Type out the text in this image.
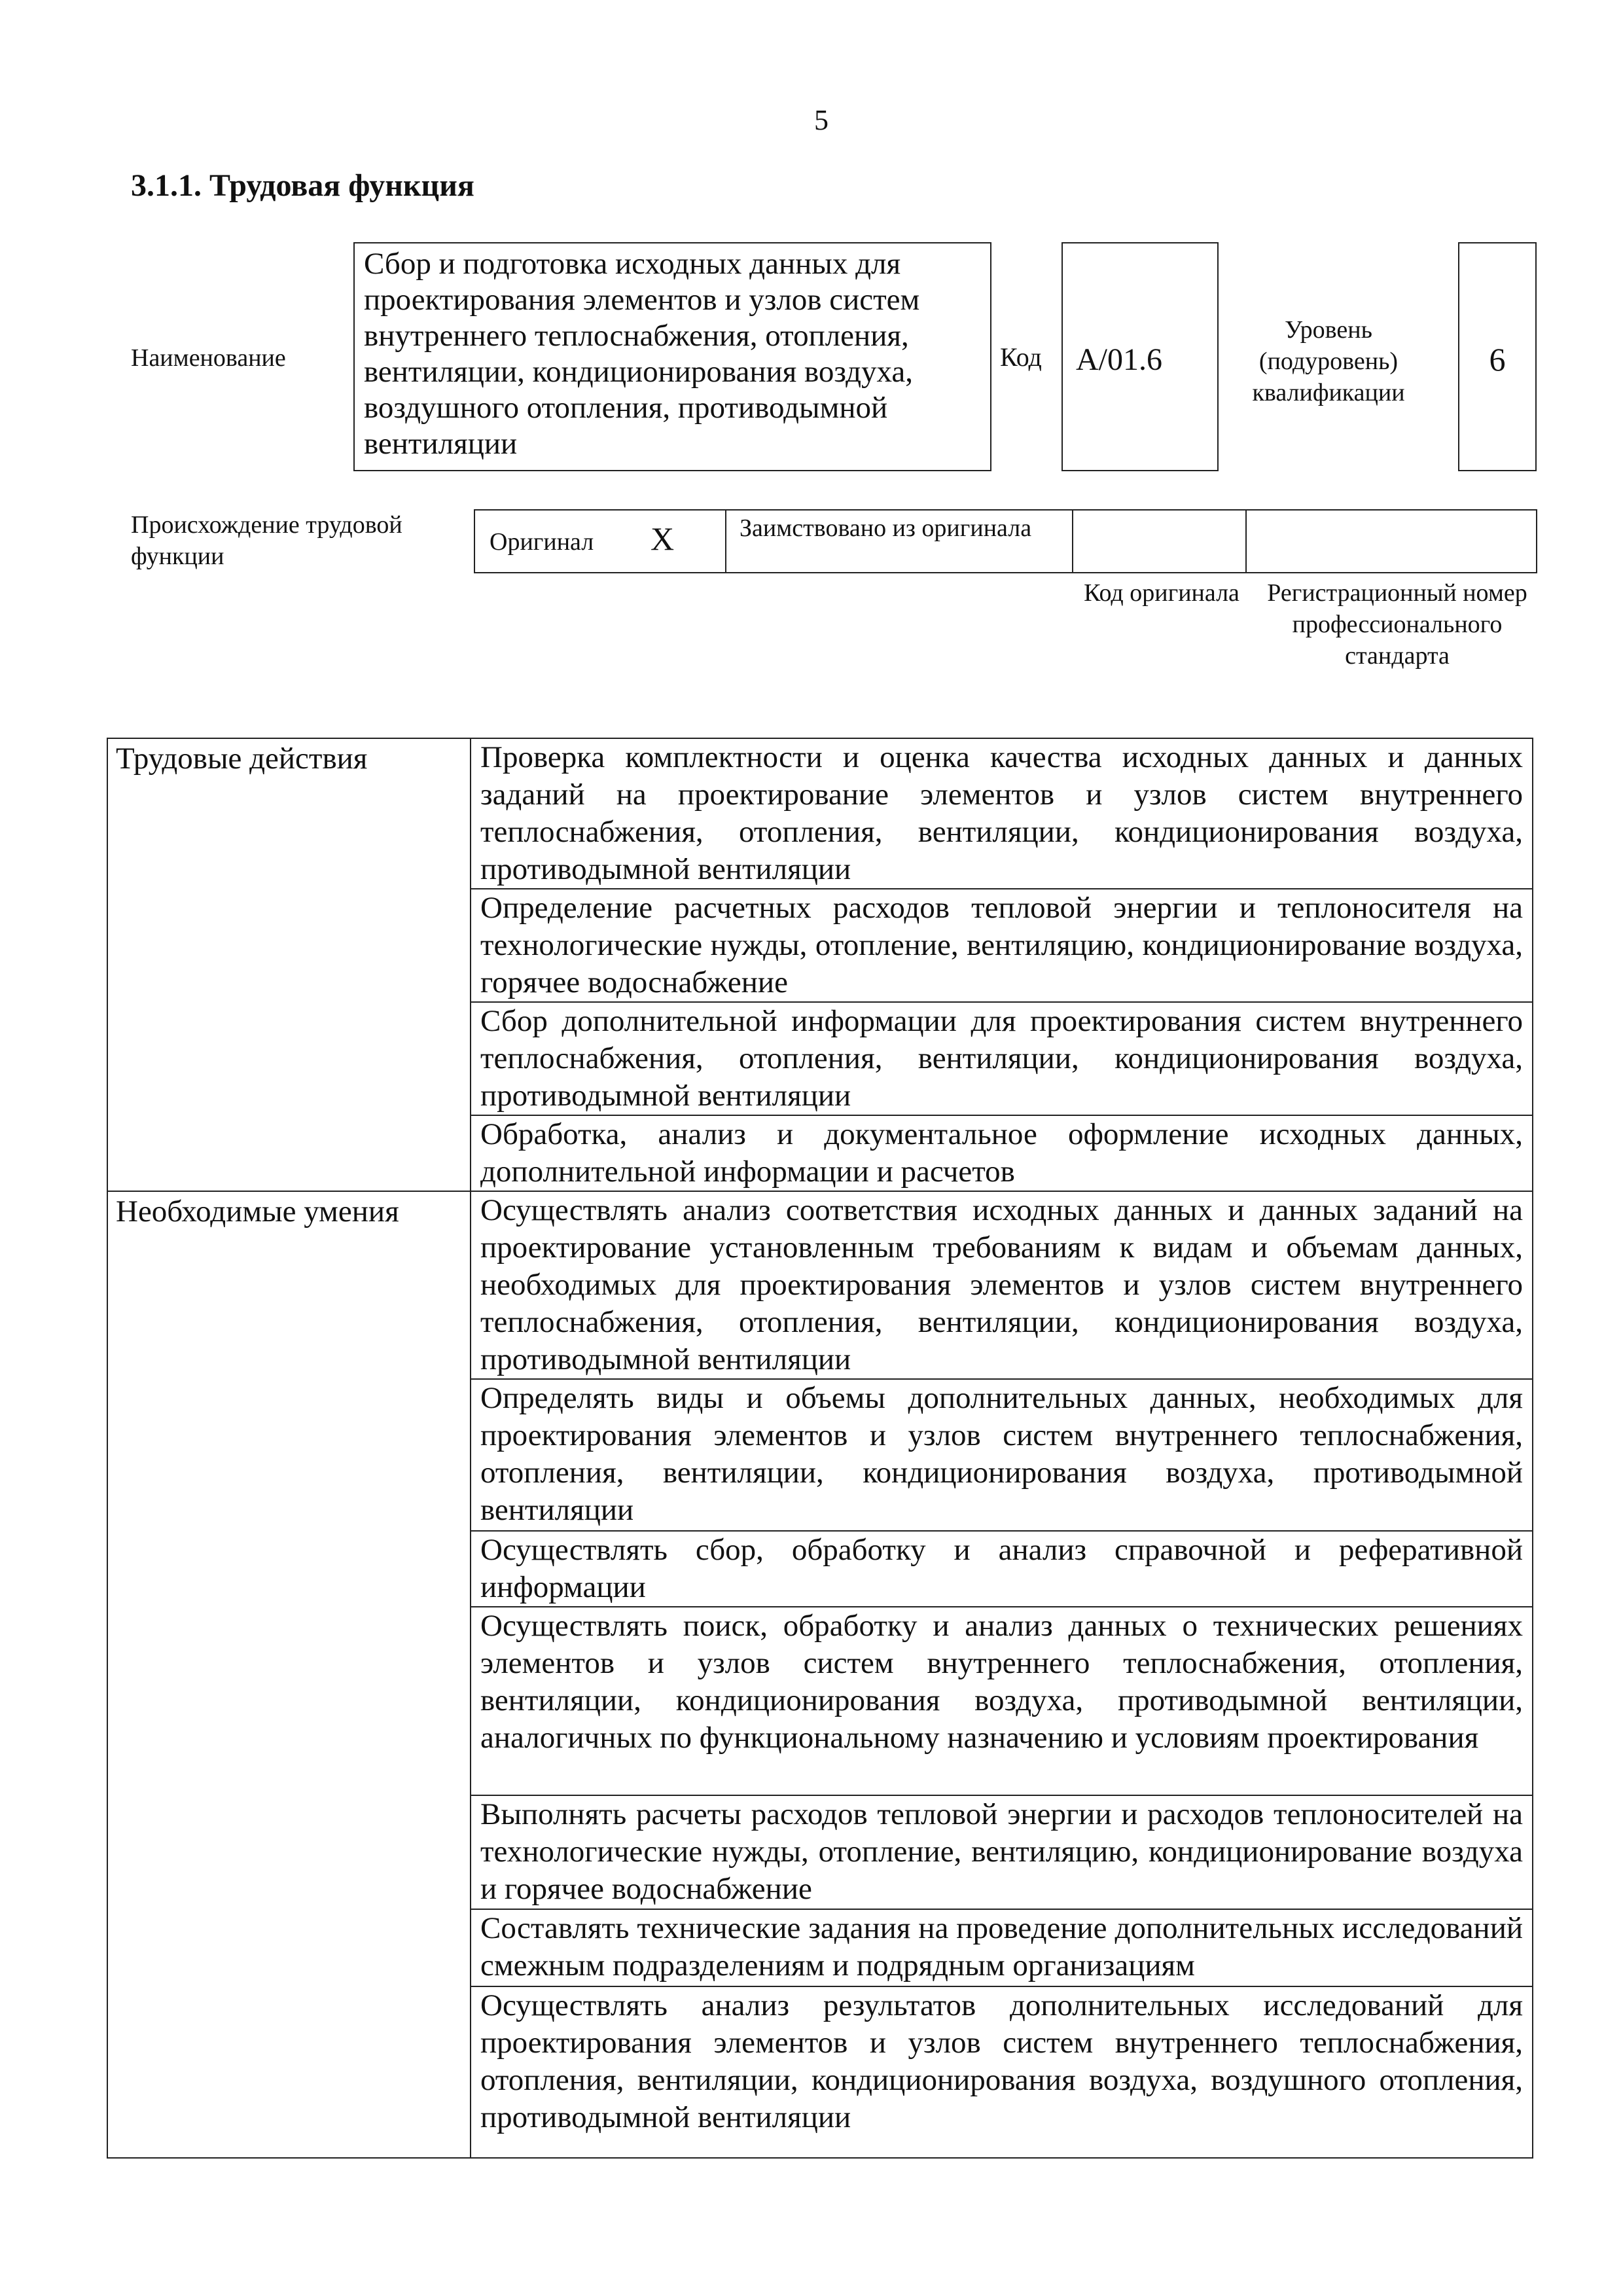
5
3.1.1. Трудовая функция
Наименование
Сбор и подготовка исходных данных для проектирования элементов и узлов систем внутреннего теплоснабжения, отопления, вентиляции, кондиционирования воздуха, воздушного отопления, противодымной вентиляции
Код	A/01.6
Уровень (подуровень) квалификации
6
Происхождение трудовой функции
Оригинал X	Заимствовано из оригинала
Код оригинала	Регистрационный номер профессионального стандарта
Трудовые действия	Проверка комплектности и оценка качества исходных данных и данных заданий на проектирование элементов и узлов систем внутреннего теплоснабжения, отопления, вентиляции, кондиционирования воздуха, противодымной вентиляции
	Определение расчетных расходов тепловой энергии и теплоносителя на технологические нужды, отопление, вентиляцию, кондиционирование воздуха, горячее водоснабжение
	Сбор дополнительной информации для проектирования систем внутреннего теплоснабжения, отопления, вентиляции, кондиционирования воздуха, противодымной вентиляции
	Обработка, анализ и документальное оформление исходных данных, дополнительной информации и расчетов
Необходимые умения	Осуществлять анализ соответствия исходных данных и данных заданий на проектирование установленным требованиям к видам и объемам данных, необходимых для проектирования элементов и узлов систем внутреннего теплоснабжения, отопления, вентиляции, кондиционирования воздуха, противодымной вентиляции
	Определять виды и объемы дополнительных данных, необходимых для проектирования элементов и узлов систем внутреннего теплоснабжения, отопления, вентиляции, кондиционирования воздуха, противодымной вентиляции
	Осуществлять сбор, обработку и анализ справочной и реферативной информации
	Осуществлять поиск, обработку и анализ данных о технических решениях элементов и узлов систем внутреннего теплоснабжения, отопления, вентиляции, кондиционирования воздуха, противодымной вентиляции, аналогичных по функциональному назначению и условиям проектирования
	Выполнять расчеты расходов тепловой энергии и расходов теплоносителей на технологические нужды, отопление, вентиляцию, кондиционирование воздуха и горячее водоснабжение
	Составлять технические задания на проведение дополнительных исследований смежным подразделениям и подрядным организациям
	Осуществлять анализ результатов дополнительных исследований для проектирования элементов и узлов систем внутреннего теплоснабжения, отопления, вентиляции, кондиционирования воздуха, воздушного отопления, противодымной вентиляции
